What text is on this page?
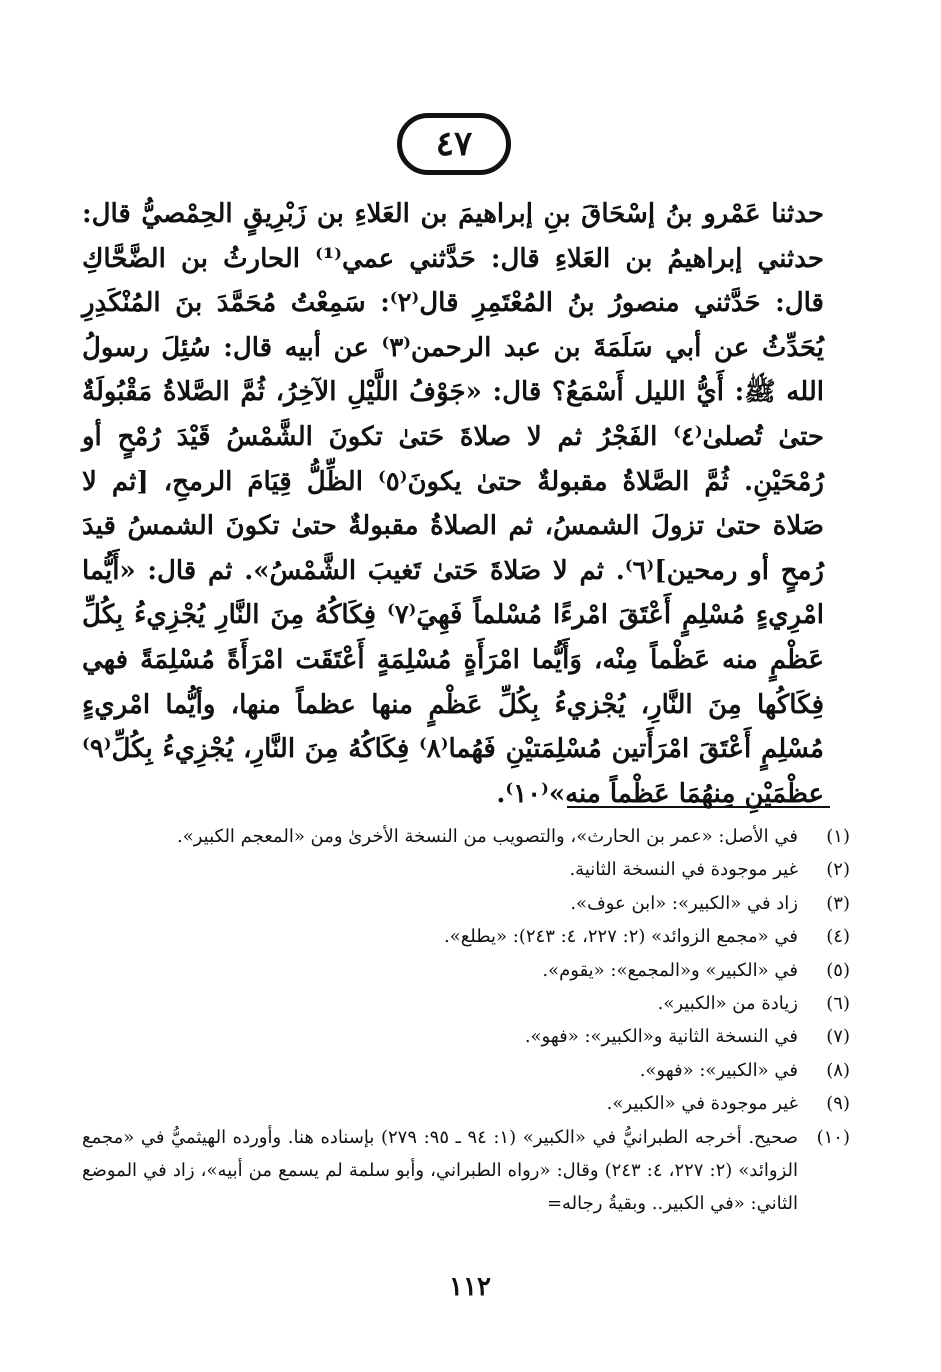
٤٧

حدثنا عَمْرو بنُ إسْحَاقَ بنِ إبراهيمَ بن العَلاءِ بن زَبْرِيقٍ الحِمْصيُّ قال: حدثني إبراهيمُ بن العَلاءِ قال: حَدَّثني عمي⁽¹⁾ الحارثُ بن الضَّحَّاكِ قال: حَدَّثني منصورُ بنُ المُعْتَمِرِ قال⁽٢⁾: سَمِعْتُ مُحَمَّدَ بنَ المُنْكَدِرِ يُحَدِّثُ عن أبي سَلَمَةَ بن عبد الرحمن⁽٣⁾ عن أبيه قال: سُئِلَ رسولُ الله ﷺ: أَيُّ الليل أَسْمَعُ؟ قال: «جَوْفُ اللَّيْلِ الآخِرُ، ثُمَّ الصَّلاةُ مَقْبُولَةٌ حتىٰ تُصلىٰ⁽٤⁾ الفَجْرُ ثم لا صلاةَ حَتىٰ تكونَ الشَّمْسُ قَيْدَ رُمْحٍ أو رُمْحَيْنِ. ثُمَّ الصَّلاةُ مقبولةٌ حتىٰ يكونَ⁽٥⁾ الظِّلُّ قِيَامَ الرمحِ، [ثم لا صَلاة حتىٰ تزولَ الشمسُ، ثم الصلاةُ مقبولةٌ حتىٰ تكونَ الشمسُ قيدَ رُمحٍ أو رمحين]⁽٦⁾. ثم لا صَلاةَ حَتىٰ تَغيبَ الشَّمْسُ». ثم قال: «أَيُّما امْرِيءٍ مُسْلِمٍ أَعْتَقَ امْرءًا مُسْلماً فَهِيَ⁽٧⁾ فِكَاكُهُ مِنَ النَّارِ يُجْزِيءُ بِكُلِّ عَظْمٍ منه عَظْماً مِنْه، وَأَيُّما امْرَأَةٍ مُسْلِمَةٍ أَعْتَقَت امْرَأَةً مُسْلِمَةً فهي فِكَاكُها مِنَ النَّارِ، يُجْزيءُ بِكُلِّ عَظْمٍ منها عظماً منها، وأيُّما امْريءٍ مُسْلِمٍ أَعْتَقَ امْرَأَتين مُسْلِمَتيْنِ فَهُما⁽٨⁾ فِكَاكُهُ مِنَ النَّارِ، يُجْزِيءُ بِكُلِّ⁽٩⁾ عظْمَيْنِ مِنهُمَا عَظْماً منه»⁽١٠⁾.

(١)
في الأصل: «عمر بن الحارث»، والتصويب من النسخة الأخرىٰ ومن «المعجم الكبير».
(٢)
غير موجودة في النسخة الثانية.
(٣)
زاد في «الكبير»: «ابن عوف».
(٤)
في «مجمع الزوائد» (٢: ٢٢٧، ٤: ٢٤٣): «يطلع».
(٥)
في «الكبير» و«المجمع»: «يقوم».
(٦)
زيادة من «الكبير».
(٧)
في النسخة الثانية و«الكبير»: «فهو».
(٨)
في «الكبير»: «فهو».
(٩)
غير موجودة في «الكبير».
(١٠)
صحيح. أخرجه الطبرانيُّ في «الكبير» (١: ٩٤ ـ ٩٥: ٢٧٩) بإسناده هنا. وأورده الهيثميُّ في «مجمع الزوائد» (٢: ٢٢٧، ٤: ٢٤٣) وقال: «رواه الطبراني، وأبو سلمة لم يسمع من أبيه»، زاد في الموضع الثاني: «في الكبير.. وبقيةُ رجاله=
١١٢
